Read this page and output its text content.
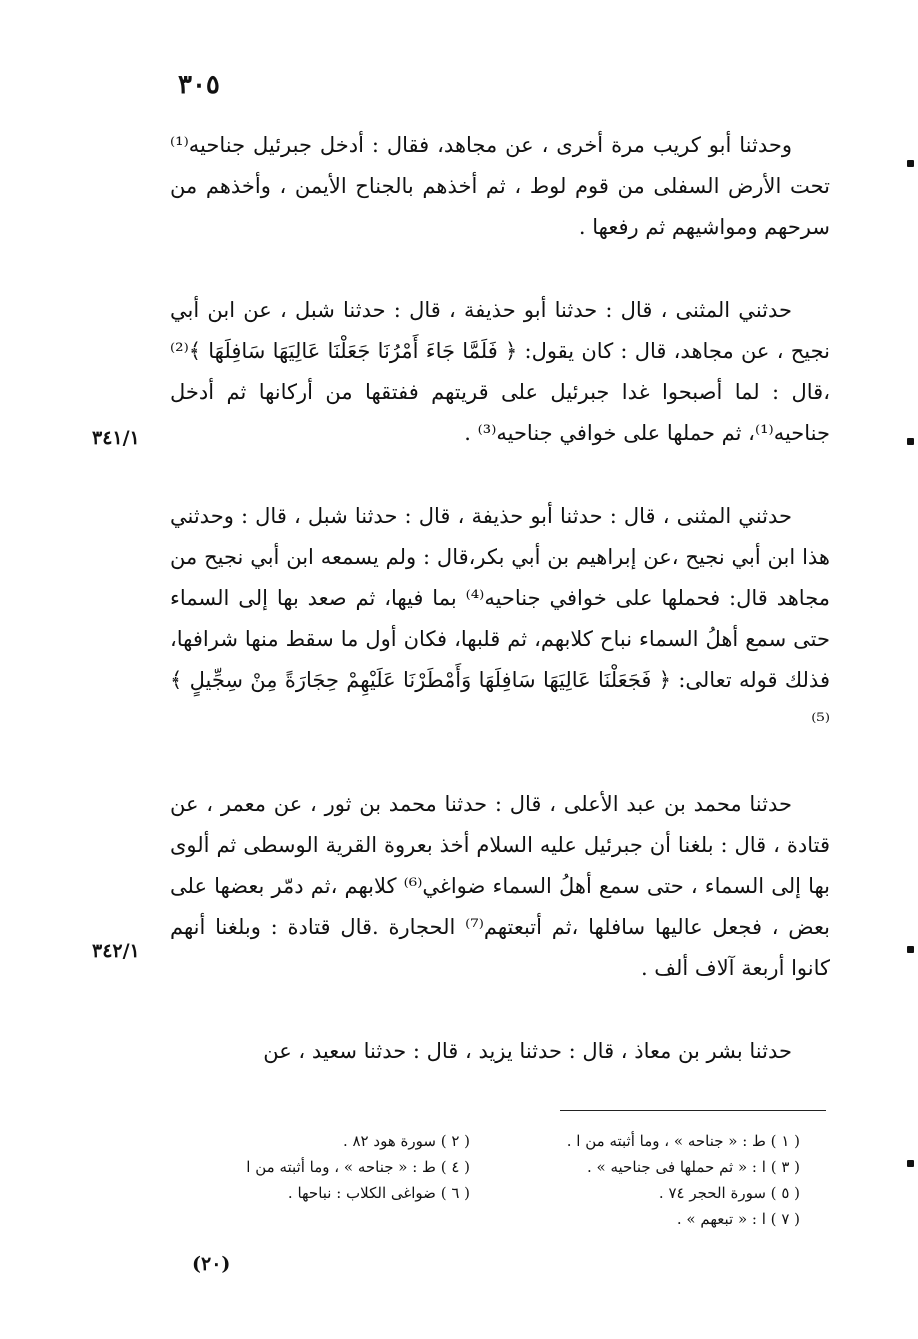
٣٠٥

وحدثنا أبو كريب مرة أخرى ، عن مجاهد، فقال : أدخل جبرئيل جناحيه⁽¹⁾ تحت الأرض السفلى من قوم لوط ، ثم أخذهم بالجناح الأيمن ، وأخذهم من سرحهم ومواشيهم ثم رفعها .

حدثني المثنى ، قال : حدثنا أبو حذيفة ، قال : حدثنا شبل ، عن ابن أبي نجيح ، عن مجاهد، قال : كان يقول: ﴿ فَلَمَّا جَاءَ أَمْرُنَا جَعَلْنَا عَالِيَهَا سَافِلَهَا ﴾⁽²⁾ ،قال : لما أصبحوا غدا جبرئيل على قريتهم ففتقها من أركانها ثم أدخل جناحيه⁽¹⁾، ثم حملها على خوافي جناحيه⁽³⁾ .

حدثني المثنى ، قال : حدثنا أبو حذيفة ، قال : حدثنا شبل ، قال : وحدثني هذا ابن أبي نجيح ،عن إبراهيم بن أبي بكر،قال : ولم يسمعه ابن أبي نجيح من مجاهد قال: فحملها على خوافي جناحيه⁽⁴⁾ بما فيها، ثم صعد بها إلى السماء حتى سمع أهلُ السماء نباح كلابهم، ثم قلبها، فكان أول ما سقط منها شرافها، فذلك قوله تعالى: ﴿ فَجَعَلْنَا عَالِيَهَا سَافِلَهَا وَأَمْطَرْنَا عَلَيْهِمْ حِجَارَةً مِنْ سِجِّيلٍ ﴾⁽⁵⁾

حدثنا محمد بن عبد الأعلى ، قال : حدثنا محمد بن ثور ، عن معمر ، عن قتادة ، قال : بلغنا أن جبرئيل عليه السلام أخذ بعروة القرية الوسطى ثم ألوى بها إلى السماء ، حتى سمع أهلُ السماء ضواغي⁽⁶⁾ كلابهم ،ثم دمّر بعضها على بعض ، فجعل عاليها سافلها ،ثم أتبعتهم⁽⁷⁾ الحجارة .قال قتادة : وبلغنا أنهم كانوا أربعة آلاف ألف .

حدثنا بشر بن معاذ ، قال : حدثنا يزيد ، قال : حدثنا سعيد ، عن

٣٤١/١
٣٤٢/١
( ١ ) ط : « جناحه » ، وما أثبته من ا .
( ٢ ) سورة هود ٨٢ .
( ٣ ) ا : « ثم حملها فى جناحيه » .
( ٤ ) ط : « جناحه » ، وما أثبته من ا
( ٥ ) سورة الحجر ٧٤ .
( ٦ ) ضواغى الكلاب : نباحها .
( ٧ ) ا : « تبعهم » .
(٢٠)
